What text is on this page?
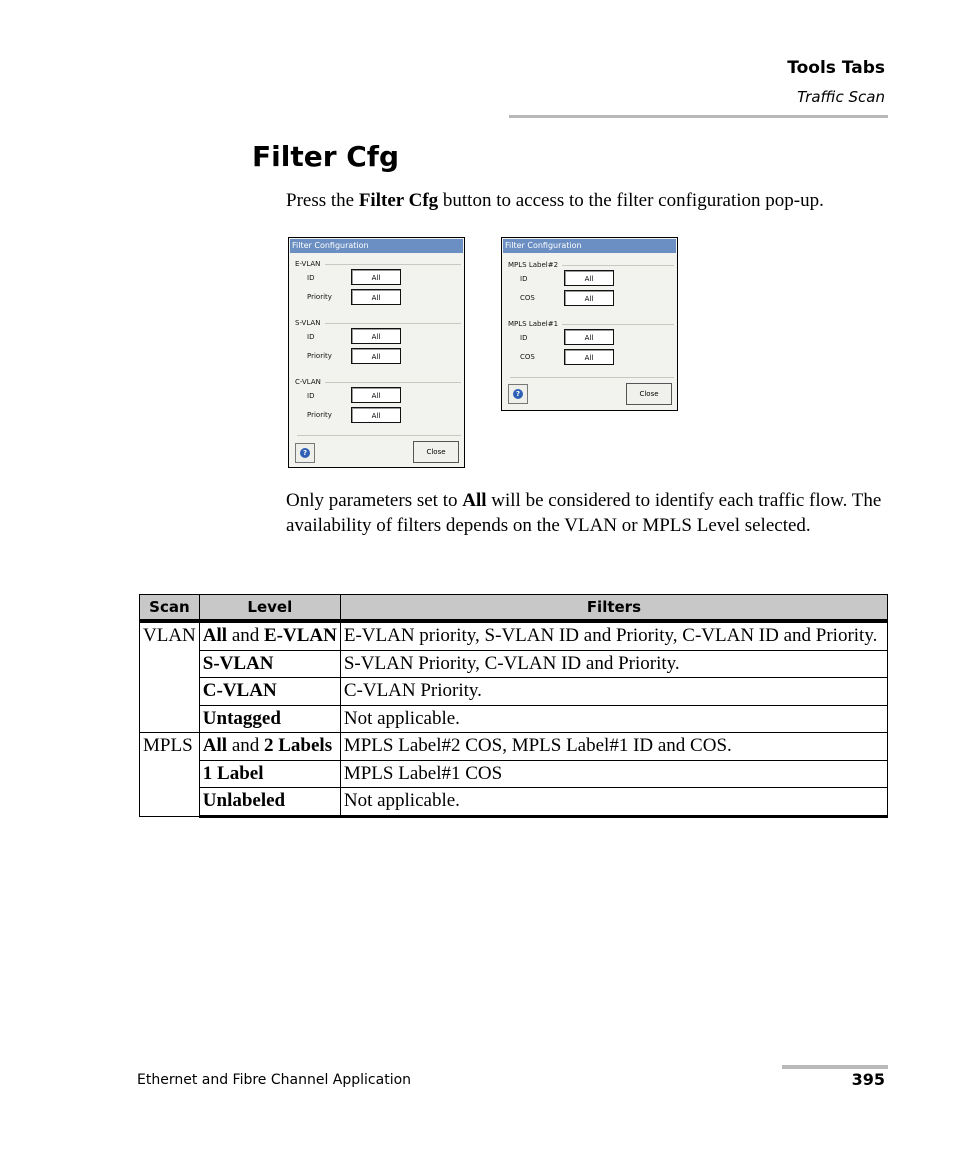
Tools Tabs
Traffic Scan
Filter Cfg

Press the Filter Cfg button to access to the filter configuration pop-up.

Filter Configuration
E-VLAN
ID	All
Priority	All
S-VLAN
ID	All
Priority	All
C-VLAN
ID	All
Priority	All
?	Close
Filter Configuration
MPLS Label#2
ID	All
COS	All
MPLS Label#1
ID	All
COS	All
?	Close

Only parameters set to All will be considered to identify each traffic flow. The availability of filters depends on the VLAN or MPLS Level selected.

Scan	Level	Filters
VLAN	All and E-VLAN	E-VLAN priority, S-VLAN ID and Priority, C-VLAN ID and Priority.
	S-VLAN	S-VLAN Priority, C-VLAN ID and Priority.
	C-VLAN	C-VLAN Priority.
	Untagged	Not applicable.
MPLS	All and 2 Labels	MPLS Label#2 COS, MPLS Label#1 ID and COS.
	1 Label	MPLS Label#1 COS
	Unlabeled	Not applicable.
Ethernet and Fibre Channel Application	395
